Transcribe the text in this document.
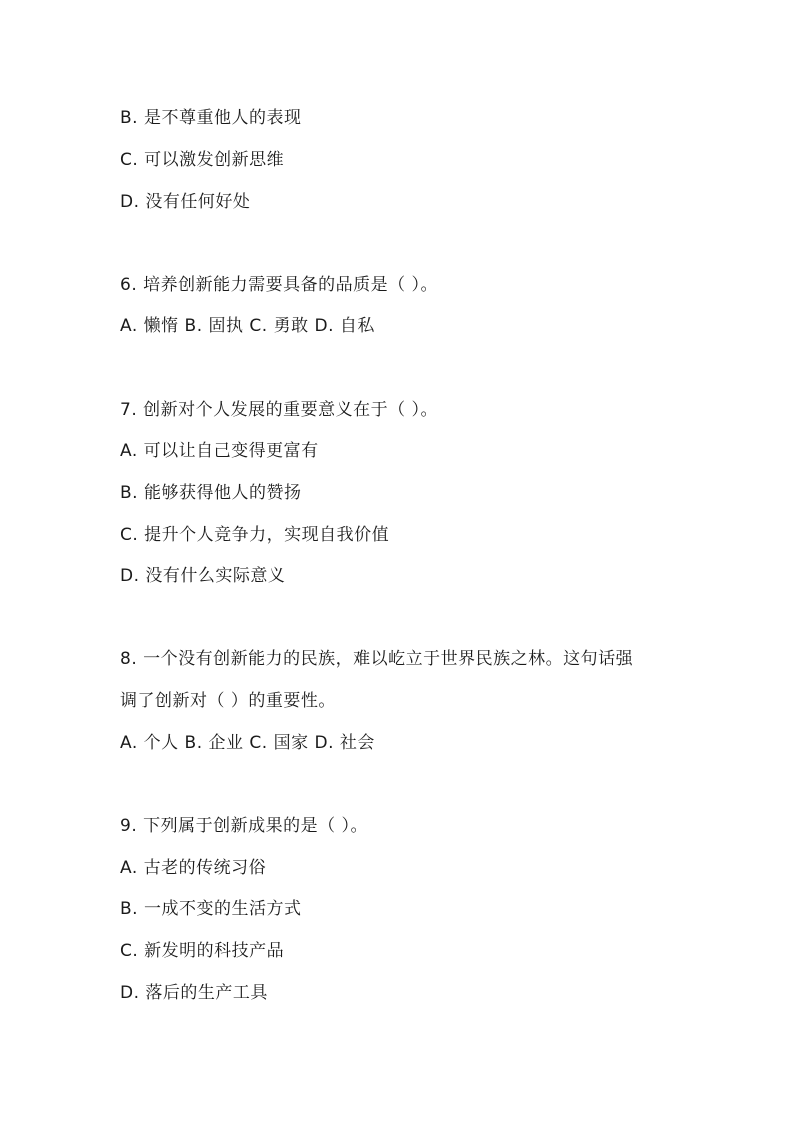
B. 是不尊重他人的表现
C. 可以激发创新思维
D. 没有任何好处
6. 培养创新能力需要具备的品质是（ ）。
A. 懒惰 B. 固执 C. 勇敢 D. 自私
7. 创新对个人发展的重要意义在于（ ）。
A. 可以让自己变得更富有
B. 能够获得他人的赞扬
C. 提升个人竞争力，实现自我价值
D. 没有什么实际意义
8. 一个没有创新能力的民族，难以屹立于世界民族之林。这句话强
调了创新对（ ）的重要性。
A. 个人 B. 企业 C. 国家 D. 社会
9. 下列属于创新成果的是（ ）。
A. 古老的传统习俗
B. 一成不变的生活方式
C. 新发明的科技产品
D. 落后的生产工具
